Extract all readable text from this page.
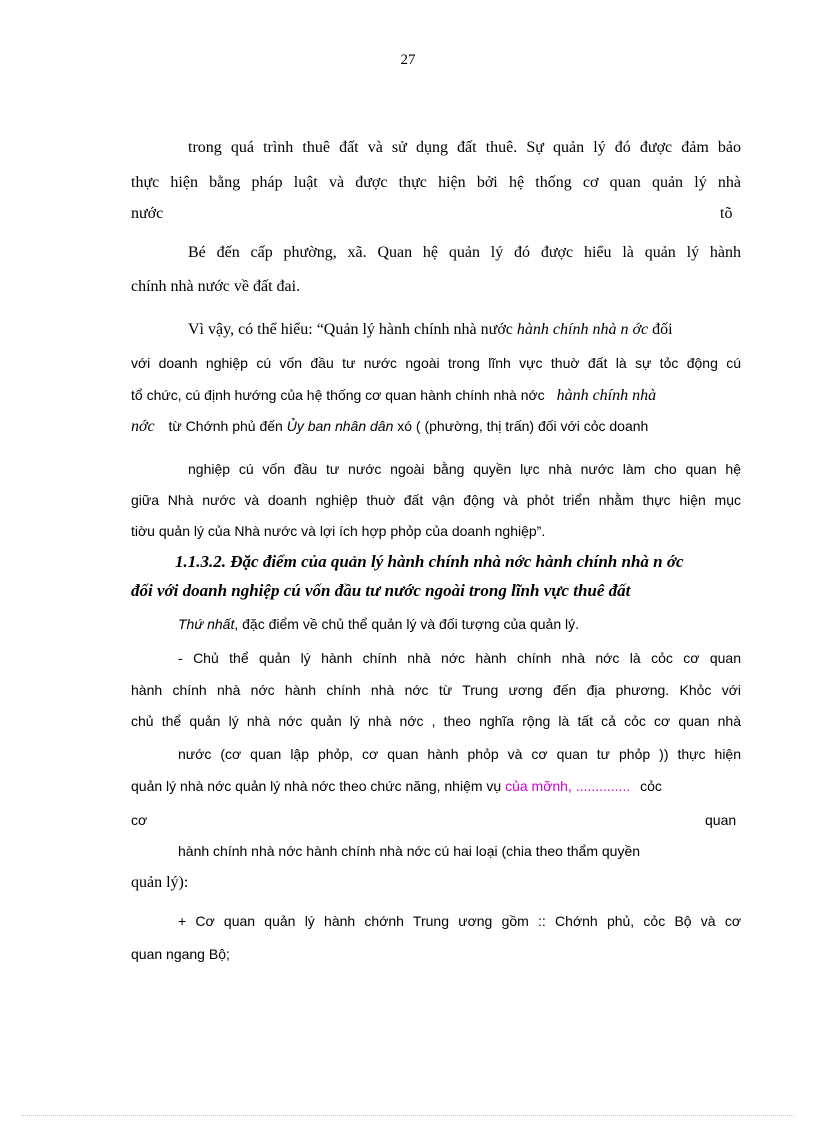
27
trong quá trình thuê đất và sử dụng đất thuê. Sự quản lý đó được đảm bảo
thực hiện bằng pháp luật và được thực hiện bởi hệ thống cơ quan quản lý nhà
nước	tõ
Bé đến cấp phường, xã. Quan hệ quản lý đó được hiểu là quản lý hành
chính nhà nước về đất đai.
Vì vậy, có thể hiểu: “Quản lý hành chính nhà nước hành chính nhà n ớc đối
với doanh nghiệp cú vốn đầu tư nước ngoài trong lĩnh vực thuờ đất là sự tỏc động cú
tổ chức, cú định hướng của hệ thống cơ quan hành chính nhà nớc hành chính nhà
nớc từ Chớnh phủ đến Ủy ban nhân dân xó ( (phường, thị trấn) đối với cỏc doanh
nghiệp cú vốn đầu tư nước ngoài bằng quyền lực nhà nước làm cho quan hệ
giữa Nhà nước và doanh nghiệp thuờ đất vận động và phỏt triển nhằm thực hiện mục
tiờu quản lý của Nhà nước và lợi ích hợp phỏp của doanh nghiệp”.
1.1.3.2. Đặc điểm của quản lý hành chính nhà nớc hành chính nhà n ớc
đối với doanh nghiệp cú vốn đầu tư nước ngoài trong lĩnh vực thuê đất
Thứ nhất, đặc điểm về chủ thể quản lý và đối tượng của quản lý.
- Chủ thể quản lý hành chính nhà nớc hành chính nhà nớc là cỏc cơ quan
hành chính nhà nớc hành chính nhà nớc từ Trung ương đến địa phương. Khỏc với
chủ thể quản lý nhà nớc quản lý nhà nớc , theo nghĩa rộng là tất cả cỏc cơ quan nhà
nước (cơ quan lập phỏp, cơ quan hành phỏp và cơ quan tư phỏp )) thực hiện
quản lý nhà nớc quản lý nhà nớc theo chức năng, nhiệm vụ của mỡnh, .............. cỏc
cơ	quan
hành chính nhà nớc hành chính nhà nớc cú hai loại (chia theo thẩm quyền
quản lý):
+ Cơ quan quản lý hành chớnh Trung ương gồm :: Chớnh phủ, cỏc Bộ và cơ
quan ngang Bộ;
